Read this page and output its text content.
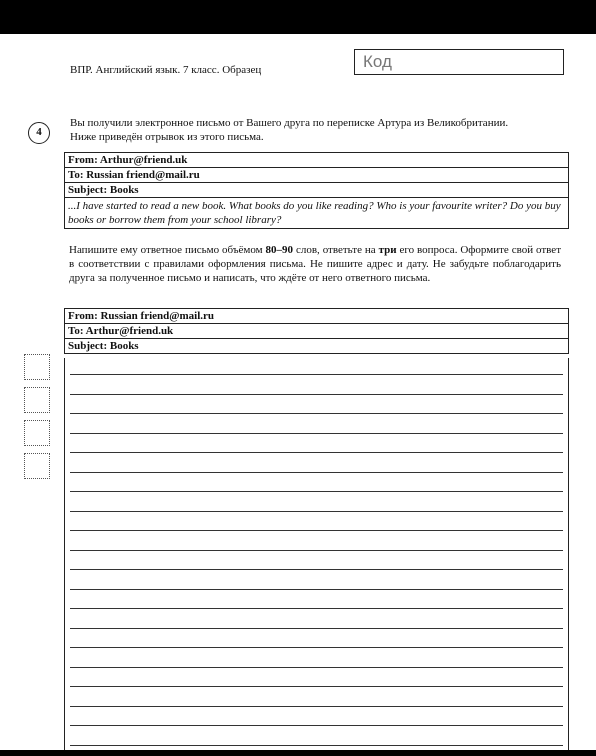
ВПР. Английский язык. 7 класс. Образец	Код
4
Вы получили электронное письмо от Вашего друга по переписке Артура из Великобритании.
Ниже приведён отрывок из этого письма.
From: Arthur@friend.uk
To: Russian friend@mail.ru
Subject: Books
...I have started to read a new book. What books do you like reading? Who is your favourite writer? Do you buy books or borrow them from your school library?
Напишите ему ответное письмо объёмом 80–90 слов, ответьте на три его вопроса. Оформите свой ответ в соответствии с правилами оформления письма. Не пишите адрес и дату. Не забудьте поблагодарить друга за полученное письмо и написать, что ждёте от него ответного письма.
From: Russian friend@mail.ru
To: Arthur@friend.uk
Subject: Books
